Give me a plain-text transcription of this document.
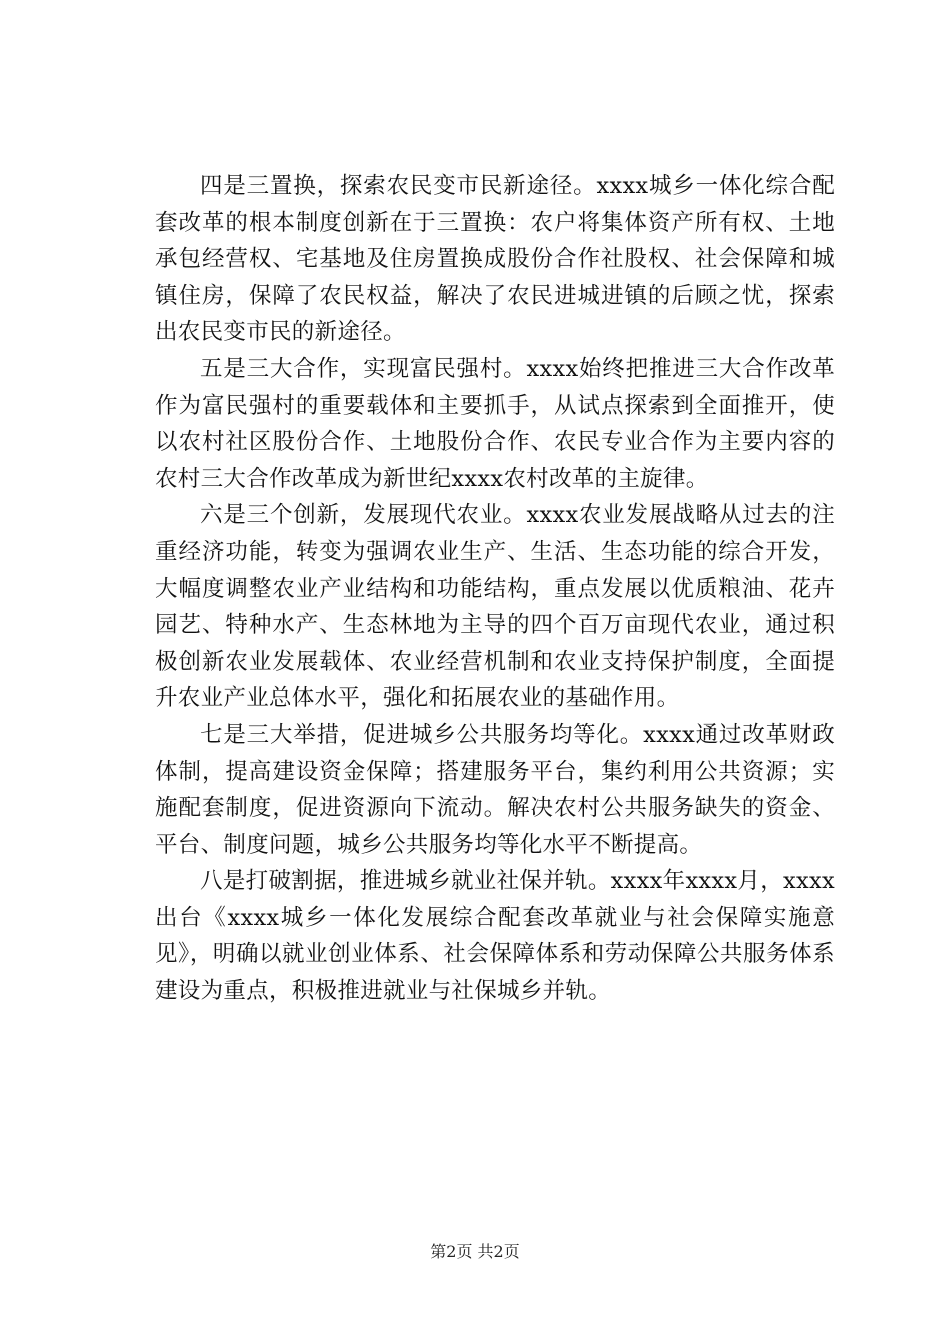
四是三置换，探索农民变市民新途径。xxxx城乡一体化综合配套改革的根本制度创新在于三置换：农户将集体资产所有权、土地承包经营权、宅基地及住房置换成股份合作社股权、社会保障和城镇住房，保障了农民权益，解决了农民进城进镇的后顾之忧，探索出农民变市民的新途径。

五是三大合作，实现富民强村。xxxx始终把推进三大合作改革作为富民强村的重要载体和主要抓手，从试点探索到全面推开，使以农村社区股份合作、土地股份合作、农民专业合作为主要内容的农村三大合作改革成为新世纪xxxx农村改革的主旋律。

六是三个创新，发展现代农业。xxxx农业发展战略从过去的注重经济功能，转变为强调农业生产、生活、生态功能的综合开发，大幅度调整农业产业结构和功能结构，重点发展以优质粮油、花卉园艺、特种水产、生态林地为主导的四个百万亩现代农业，通过积极创新农业发展载体、农业经营机制和农业支持保护制度，全面提升农业产业总体水平，强化和拓展农业的基础作用。

七是三大举措，促进城乡公共服务均等化。xxxx通过改革财政体制，提高建设资金保障；搭建服务平台，集约利用公共资源；实施配套制度，促进资源向下流动。解决农村公共服务缺失的资金、平台、制度问题，城乡公共服务均等化水平不断提高。

八是打破割据，推进城乡就业社保并轨。xxxx年xxxx月，xxxx出台《xxxx城乡一体化发展综合配套改革就业与社会保障实施意见》，明确以就业创业体系、社会保障体系和劳动保障公共服务体系建设为重点，积极推进就业与社保城乡并轨。

第2页 共2页
